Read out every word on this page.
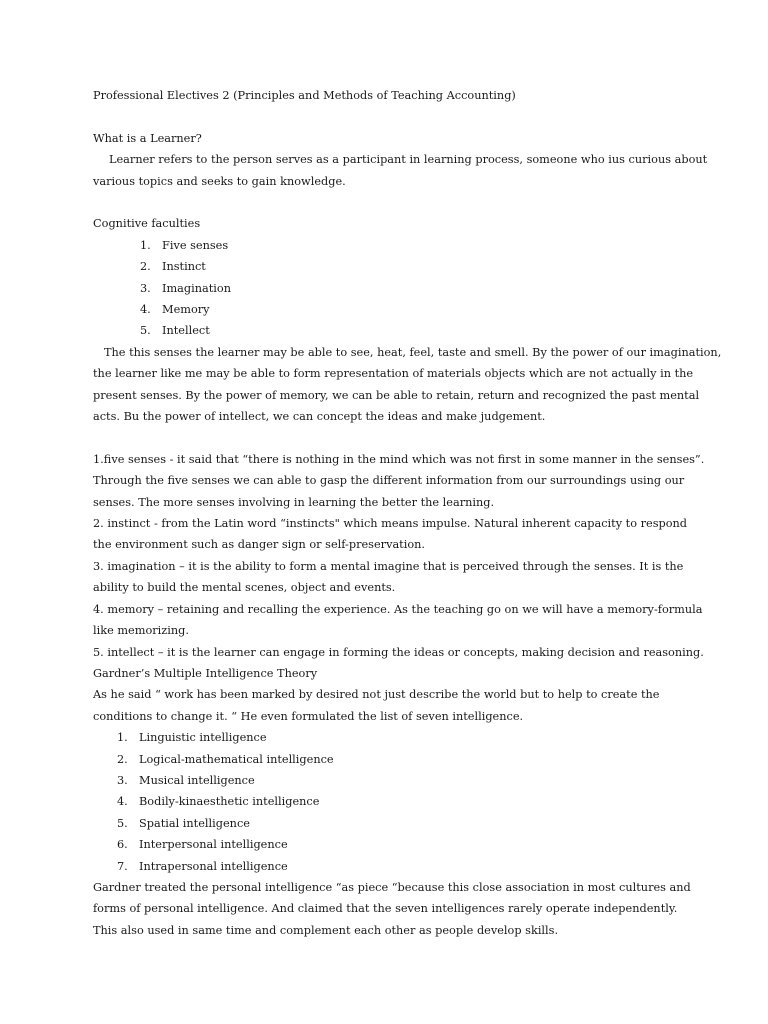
Professional Electives 2 (Principles and Methods of Teaching Accounting)

What is a Learner?

Learner refers to the person serves as a participant in learning process, someone who ius curious about

various topics and seeks to gain knowledge.

Cognitive faculties

1. Five senses
2. Instinct
3. Imagination
4. Memory
5. Intellect

The this senses the learner may be able to see, heat, feel, taste and smell. By the power of our imagination,

the learner like me may be able to form representation of materials objects which are not actually in the

present senses. By the power of memory, we can be able to retain, return and recognized the past mental

acts. Bu the power of intellect, we can concept the ideas and make judgement.

1.five senses - it said that “there is nothing in the mind which was not first in some manner in the senses”.

Through the five senses we can able to gasp the different information from our surroundings using our

senses. The more senses involving in learning the better the learning.

2. instinct - from the Latin word “instincts" which means impulse. Natural inherent capacity to respond

the environment such as danger sign or self-preservation.

3. imagination – it is the ability to form a mental imagine that is perceived through the senses. It is the

ability to build the mental scenes, object and events.

4. memory – retaining and recalling the experience. As the teaching go on we will have a memory-formula

like memorizing.

5. intellect – it is the learner can engage in forming the ideas or concepts, making decision and reasoning.

Gardner’s Multiple Intelligence Theory

As he said “ work has been marked by desired not just describe the world but to help to create the

conditions to change it. “ He even formulated the list of seven intelligence.

1. Linguistic intelligence
2. Logical-mathematical intelligence
3. Musical intelligence
4. Bodily-kinaesthetic intelligence
5. Spatial intelligence
6. Interpersonal intelligence
7. Intrapersonal intelligence

Gardner treated the personal intelligence “as piece “because this close association in most cultures and

forms of personal intelligence. And claimed that the seven intelligences rarely operate independently.

This also used in same time and complement each other as people develop skills.
